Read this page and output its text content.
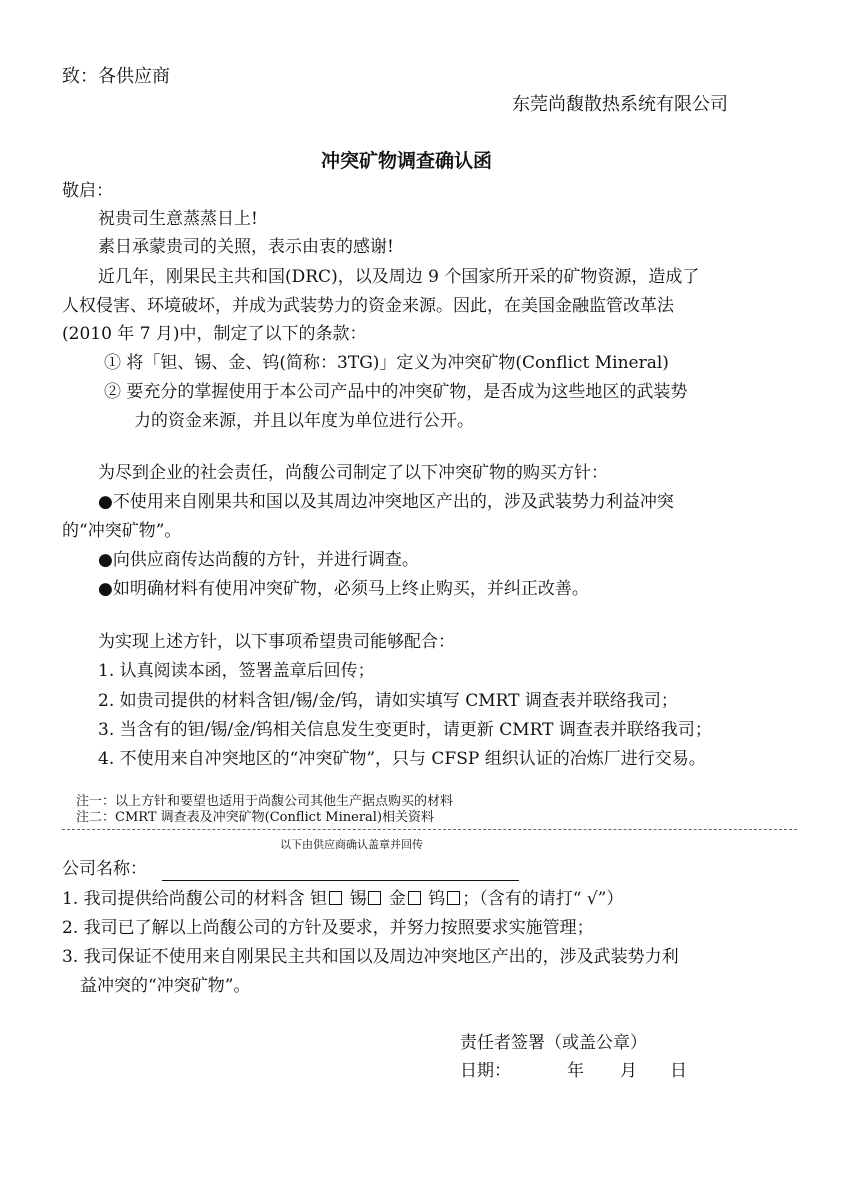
致：各供应商
东莞尚馥散热系统有限公司
冲突矿物调查确认函
敬启：
祝贵司生意蒸蒸日上!
素日承蒙贵司的关照，表示由衷的感谢!
近几年，刚果民主共和国(DRC)，以及周边 9 个国家所开采的矿物资源，造成了
人权侵害、环境破坏，并成为武装势力的资金来源。因此，在美国金融监管改革法
(2010 年 7 月)中，制定了以下的条款：
① 将「钽、锡、金、钨(简称：3TG)」定义为冲突矿物(Conflict Mineral)
② 要充分的掌握使用于本公司产品中的冲突矿物，是否成为这些地区的武装势
力的资金来源，并且以年度为单位进行公开。
为尽到企业的社会责任，尚馥公司制定了以下冲突矿物的购买方针：
●不使用来自刚果共和国以及其周边冲突地区产出的，涉及武装势力利益冲突
的“冲突矿物”。
●向供应商传达尚馥的方针，并进行调查。
●如明确材料有使用冲突矿物，必须马上终止购买，并纠正改善。
为实现上述方针，以下事项希望贵司能够配合：
1. 认真阅读本函，签署盖章后回传；
2. 如贵司提供的材料含钽/锡/金/钨，请如实填写 CMRT 调查表并联络我司；
3. 当含有的钽/锡/金/钨相关信息发生变更时，请更新 CMRT 调查表并联络我司；
4. 不使用来自冲突地区的“冲突矿物”，只与 CFSP 组织认证的冶炼厂进行交易。
注一：以上方针和要望也适用于尚馥公司其他生产据点购买的材料
注二：CMRT 调查表及冲突矿物(Conflict Mineral)相关资料
以下由供应商确认盖章并回传
公司名称：
1. 我司提供给尚馥公司的材料含 钽 锡 金 钨 ；（含有的请打“ √”）
2. 我司已了解以上尚馥公司的方针及要求，并努力按照要求实施管理；
3. 我司保证不使用来自刚果民主共和国以及周边冲突地区产出的，涉及武装势力利
益冲突的“冲突矿物”。
责任者签署（或盖公章）
日期：	年 月 日
